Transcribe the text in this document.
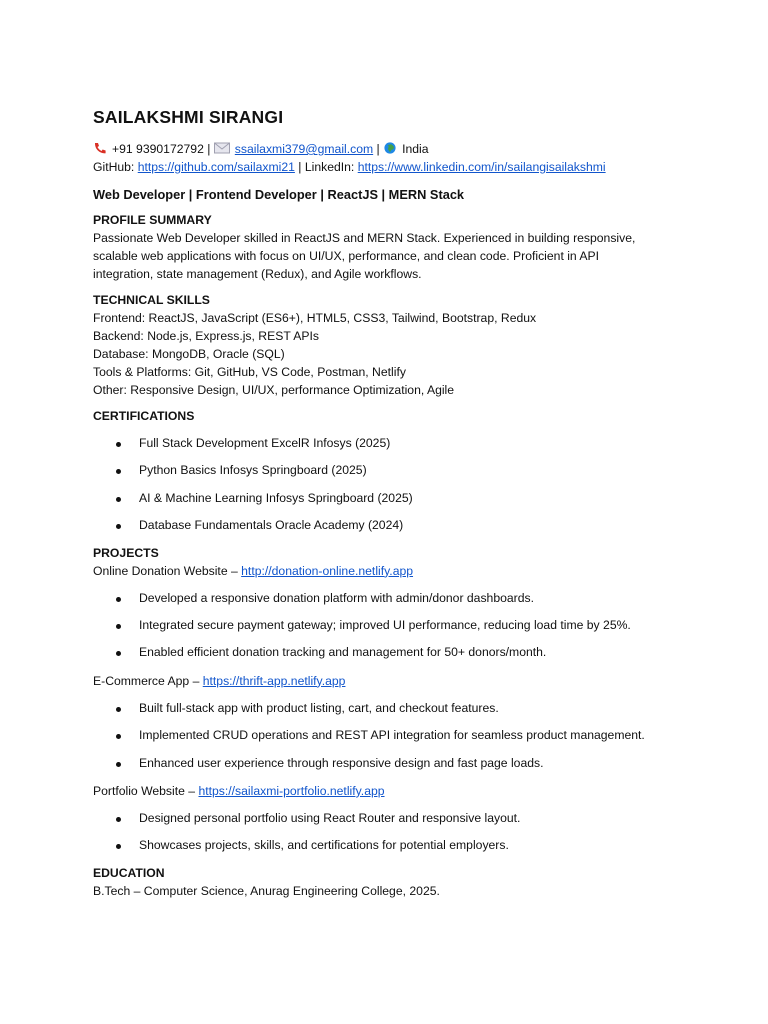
SAILAKSHMI SIRANGI
+91 9390172792 | ssailaxmi379@gmail.com | India
GitHub: https://github.com/sailaxmi21 | LinkedIn: https://www.linkedin.com/in/sailangisailakshmi
Web Developer | Frontend Developer | ReactJS | MERN Stack
PROFILE SUMMARY
Passionate Web Developer skilled in ReactJS and MERN Stack. Experienced in building responsive,
scalable web applications with focus on UI/UX, performance, and clean code. Proficient in API
integration, state management (Redux), and Agile workflows.
TECHNICAL SKILLS
Frontend: ReactJS, JavaScript (ES6+), HTML5, CSS3, Tailwind, Bootstrap, Redux
Backend: Node.js, Express.js, REST APIs
Database: MongoDB, Oracle (SQL)
Tools & Platforms: Git, GitHub, VS Code, Postman, Netlify
Other: Responsive Design, UI/UX, performance Optimization, Agile
CERTIFICATIONS
Full Stack Development ExcelR Infosys (2025)
Python Basics Infosys Springboard (2025)
AI & Machine Learning Infosys Springboard (2025)
Database Fundamentals Oracle Academy (2024)
PROJECTS
Online Donation Website – http://donation-online.netlify.app
Developed a responsive donation platform with admin/donor dashboards.
Integrated secure payment gateway; improved UI performance, reducing load time by 25%.
Enabled efficient donation tracking and management for 50+ donors/month.
E-Commerce App – https://thrift-app.netlify.app
Built full-stack app with product listing, cart, and checkout features.
Implemented CRUD operations and REST API integration for seamless product management.
Enhanced user experience through responsive design and fast page loads.
Portfolio Website – https://sailaxmi-portfolio.netlify.app
Designed personal portfolio using React Router and responsive layout.
Showcases projects, skills, and certifications for potential employers.
EDUCATION
B.Tech – Computer Science, Anurag Engineering College, 2025.
